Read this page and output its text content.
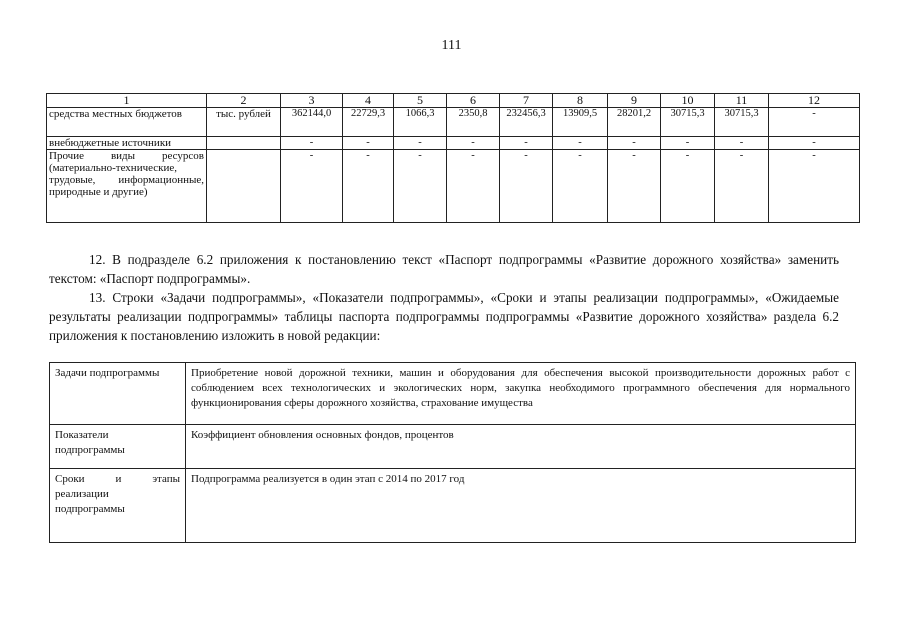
111
1	2	3	4	5	6	7	8	9	10	11	12
средства местных бюджетов	тыс. рублей	362144,0	22729,3	1066,3	2350,8	232456,3	13909,5	28201,2	30715,3	30715,3	-
внебюджетные источники		-	-	-	-	-	-	-	-	-	-
Прочие виды ресурсов (материально-технические, трудовые, информационные, природные и другие)		-	-	-	-	-	-	-	-	-	-
12. В подразделе 6.2 приложения к постановлению текст «Паспорт подпрограммы «Развитие дорожного хозяйства» заменить текстом: «Паспорт подпрограммы».
13. Строки «Задачи подпрограммы», «Показатели подпрограммы», «Сроки и этапы реализации подпрограммы», «Ожидаемые результаты реализации подпрограммы» таблицы паспорта подпрограммы подпрограммы «Развитие дорожного хозяйства» раздела 6.2 приложения к постановлению изложить в новой редакции:
Задачи подпрограммы	Приобретение новой дорожной техники, машин и оборудования для обеспечения высокой производительности дорожных работ с соблюдением всех технологических и экологических норм, закупка необходимого программного обеспечения для нормального функционирования сферы дорожного хозяйства, страхование имущества
Показатели подпрограммы	Коэффициент обновления основных фондов, процентов
Сроки и этапы реализации подпрограммы	Подпрограмма реализуется в один этап с 2014 по 2017 год
